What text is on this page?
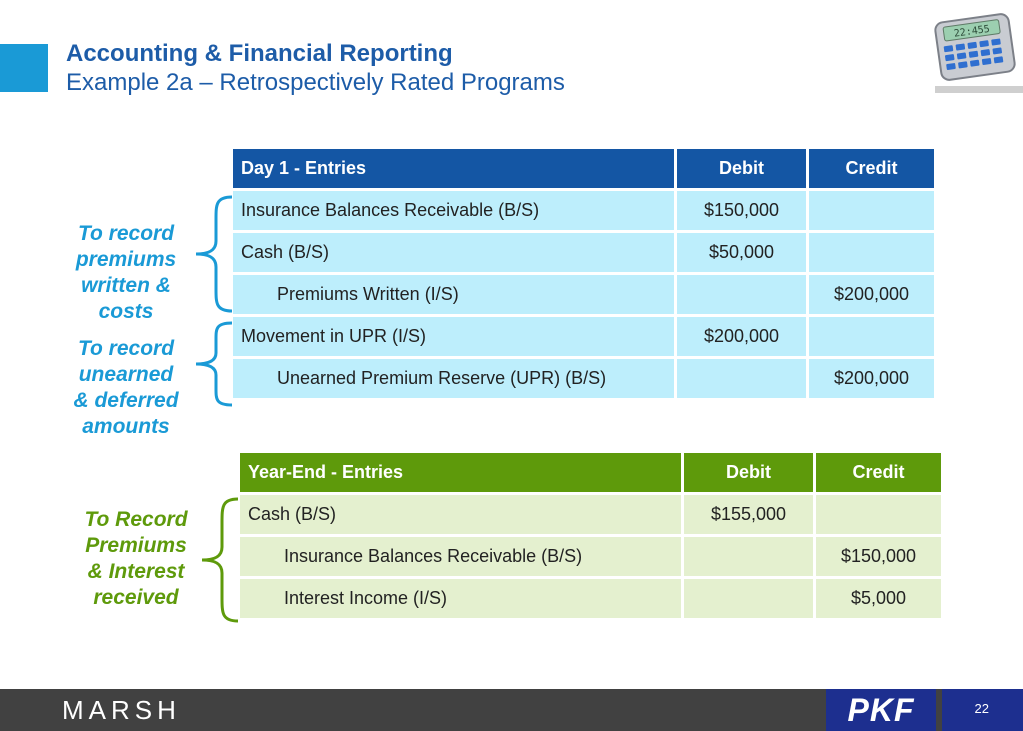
Accounting & Financial Reporting
Example 2a – Retrospectively Rated Programs
22:455
To record
premiums
written &
costs
To record
unearned
& deferred
amounts
To Record
Premiums
& Interest
received
Day 1 - Entries	Debit	Credit
Insurance Balances Receivable (B/S)	$150,000	
Cash (B/S)	$50,000	
Premiums Written (I/S)		$200,000
Movement in UPR (I/S)	$200,000	
Unearned Premium Reserve (UPR) (B/S)		$200,000
Year-End - Entries	Debit	Credit
Cash (B/S)	$155,000	
Insurance Balances Receivable (B/S)		$150,000
Interest Income (I/S)		$5,000
MARSH	PKF	22
